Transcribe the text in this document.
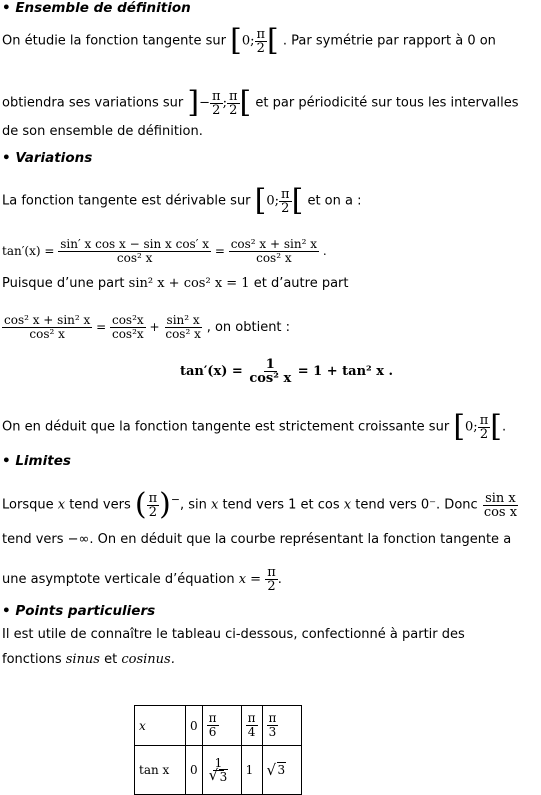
• Ensemble de définition
On étudie la fonction tangente sur [0; $\frac{\pi}{2}$ [ . Par symétrie par rapport à 0 on
obtiendra ses variations sur ]− $\frac{\pi}{2}$ ; $\frac{\pi}{2}$ [ et par périodicité sur tous les intervalles
de son ensemble de définition.
• Variations
La fonction tangente est dérivable sur [0; $\frac{\pi}{2}$ [ et on a :
$\tan'(x) = \frac{\text{sin′ x cos x − sin x cos′ x}}{\text{cos² x}} = \frac{\text{cos² x + sin² x}}{\text{cos² x}}$ .
Puisque d’une part sin² x + cos² x = 1 et d’autre part
$\frac{\text{cos² x + sin² x}}{\text{cos² x}} = \frac{\text{cos²x}}{\text{cos²x}} + \frac{\text{sin² x}}{\text{cos² x}}$ , on obtient :
$\tan'(x) = \frac{1}{\text{cos² x}} = 1 + \tan^2$ x .
On en déduit que la fonction tangente est strictement croissante sur [0; $\frac{\pi}{2}$ [.
• Limites
Lorsque x tend vers ( $\frac{\pi}{2} )^-$, sin x tend vers 1 et cos x tend vers 0⁻. Donc $\frac{\text{sin x}}{\text{cos x}}$
tend vers −∞. On en déduit que la courbe représentant la fonction tangente a
une asymptote verticale d’équation $x = \frac{\pi}{2}$ .
• Points particuliers
Il est utile de connaître le tableau ci-dessous, confectionné à partir des
fonctions sinus et cosinus.
x	0	$\frac{\pi}{6}$	$\frac{\pi}{4}$	$\frac{\pi}{3}$

tan x	0	$\frac{1}{√ 3}$	1	√ 3
